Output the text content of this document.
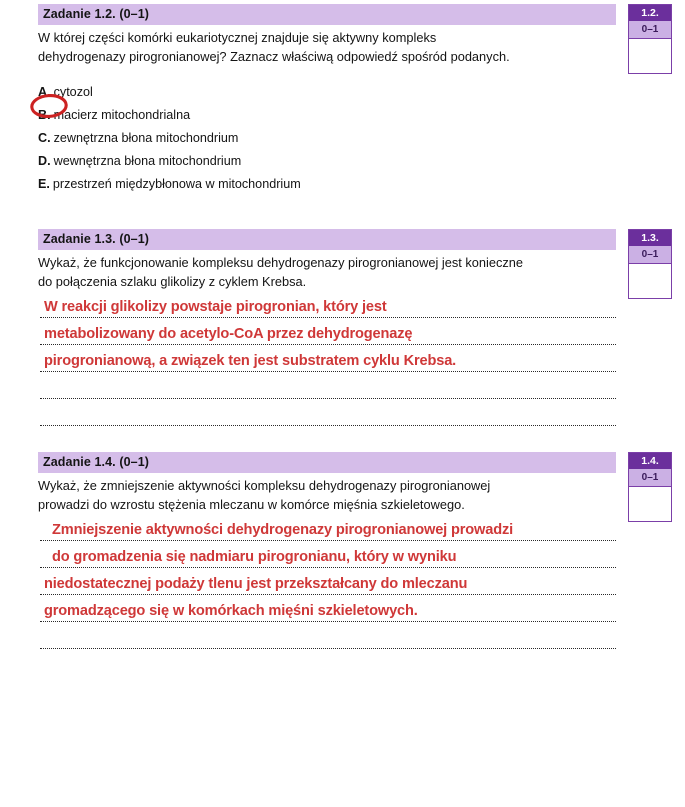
Zadanie 1.2. (0–1)
W której części komórki eukariotycznej znajduje się aktywny kompleks
dehydrogenazy pirogronianowej? Zaznacz właściwą odpowiedź spośród podanych.
A. cytozol
B. macierz mitochondrialna
C. zewnętrzna błona mitochondrium
D. wewnętrzna błona mitochondrium
E. przestrzeń międzybłonowa w mitochondrium
1.2.
0–1
Zadanie 1.3. (0–1)
Wykaż, że funkcjonowanie kompleksu dehydrogenazy pirogronianowej jest konieczne
do połączenia szlaku glikolizy z cyklem Krebsa.
W reakcji glikolizy powstaje pirogronian, który jest
metabolizowany do acetylo-CoA przez dehydrogenazę
pirogronianową, a związek ten jest substratem cyklu Krebsa.
1.3.
0–1
Zadanie 1.4. (0–1)
Wykaż, że zmniejszenie aktywności kompleksu dehydrogenazy pirogronianowej
prowadzi do wzrostu stężenia mleczanu w komórce mięśnia szkieletowego.
Zmniejszenie aktywności dehydrogenazy pirogronianowej prowadzi
do gromadzenia się nadmiaru pirogronianu, który w wyniku
niedostatecznej podaży tlenu jest przekształcany do mleczanu
gromadzącego się w komórkach mięśni szkieletowych.
1.4.
0–1
